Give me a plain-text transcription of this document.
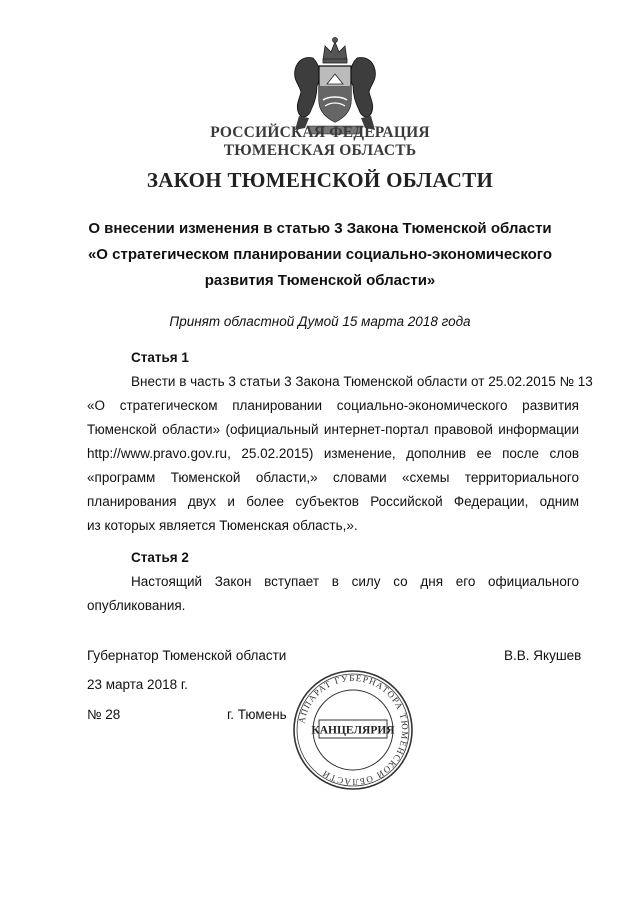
РОССИЙСКАЯ ФЕДЕРАЦИЯ
ТЮМЕНСКАЯ ОБЛАСТЬ
ЗАКОН ТЮМЕНСКОЙ ОБЛАСТИ
О внесении изменения в статью 3 Закона Тюменской области
«О стратегическом планировании социально-экономического
развития Тюменской области»
Принят областной Думой 15 марта 2018 года
Статья 1
Внести в часть 3 статьи 3 Закона Тюменской области от 25.02.2015 № 13
«О стратегическом планировании социально-экономического развития
Тюменской области» (официальный интернет-портал правовой информации
http://www.pravo.gov.ru, 25.02.2015) изменение, дополнив ее после слов
«программ Тюменской области,» словами «схемы территориального
планирования двух и более субъектов Российской Федерации, одним
из которых является Тюменская область,».
Статья 2
Настоящий Закон вступает в силу со дня его официального
опубликования.
Губернатор Тюменской области	В.В. Якушев
23 марта 2018 г.
№ 28	г. Тюмень АППАРАТ ГУБЕРНАТОРА ТЮМЕНСКОЙ ОБЛАСТИ
КАНЦЕЛЯРИЯ
